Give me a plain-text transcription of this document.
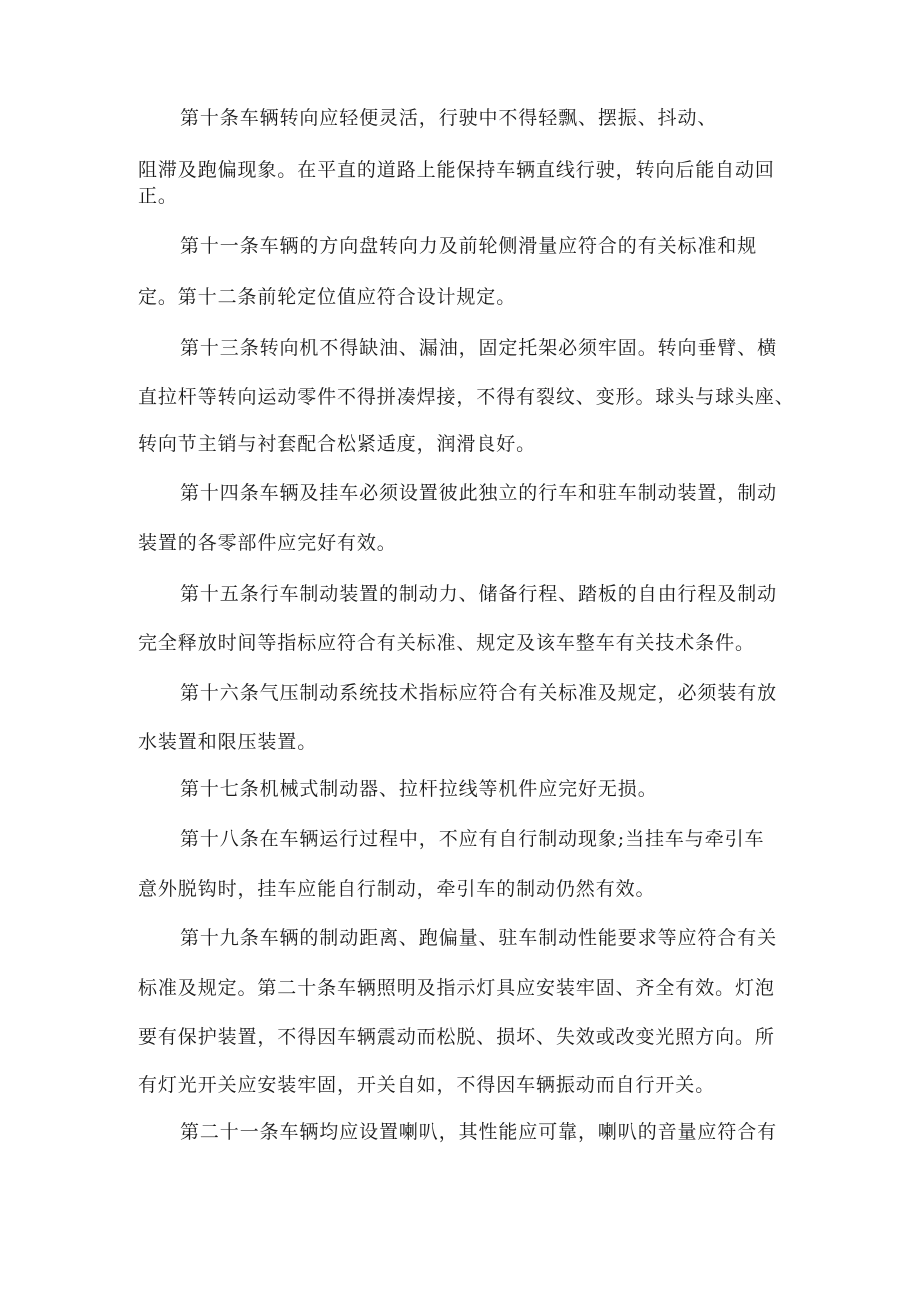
第十条车辆转向应轻便灵活，行驶中不得轻飘、摆振、抖动、

阻滞及跑偏现象。在平直的道路上能保持车辆直线行驶，转向后能自动回

正。

第十一条车辆的方向盘转向力及前轮侧滑量应符合的有关标准和规

定。第十二条前轮定位值应符合设计规定。

第十三条转向机不得缺油、漏油，固定托架必须牢固。转向垂臂、横

直拉杆等转向运动零件不得拼凑焊接，不得有裂纹、变形。球头与球头座、

转向节主销与衬套配合松紧适度，润滑良好。

第十四条车辆及挂车必须设置彼此独立的行车和驻车制动装置，制动

装置的各零部件应完好有效。

第十五条行车制动装置的制动力、储备行程、踏板的自由行程及制动

完全释放时间等指标应符合有关标准、规定及该车整车有关技术条件。

第十六条气压制动系统技术指标应符合有关标准及规定，必须装有放

水装置和限压装置。

第十七条机械式制动器、拉杆拉线等机件应完好无损。

第十八条在车辆运行过程中，不应有自行制动现象;当挂车与牵引车

意外脱钩时，挂车应能自行制动，牵引车的制动仍然有效。

第十九条车辆的制动距离、跑偏量、驻车制动性能要求等应符合有关

标准及规定。第二十条车辆照明及指示灯具应安装牢固、齐全有效。灯泡

要有保护装置，不得因车辆震动而松脱、损坏、失效或改变光照方向。所

有灯光开关应安装牢固，开关自如，不得因车辆振动而自行开关。

第二十一条车辆均应设置喇叭，其性能应可靠，喇叭的音量应符合有
